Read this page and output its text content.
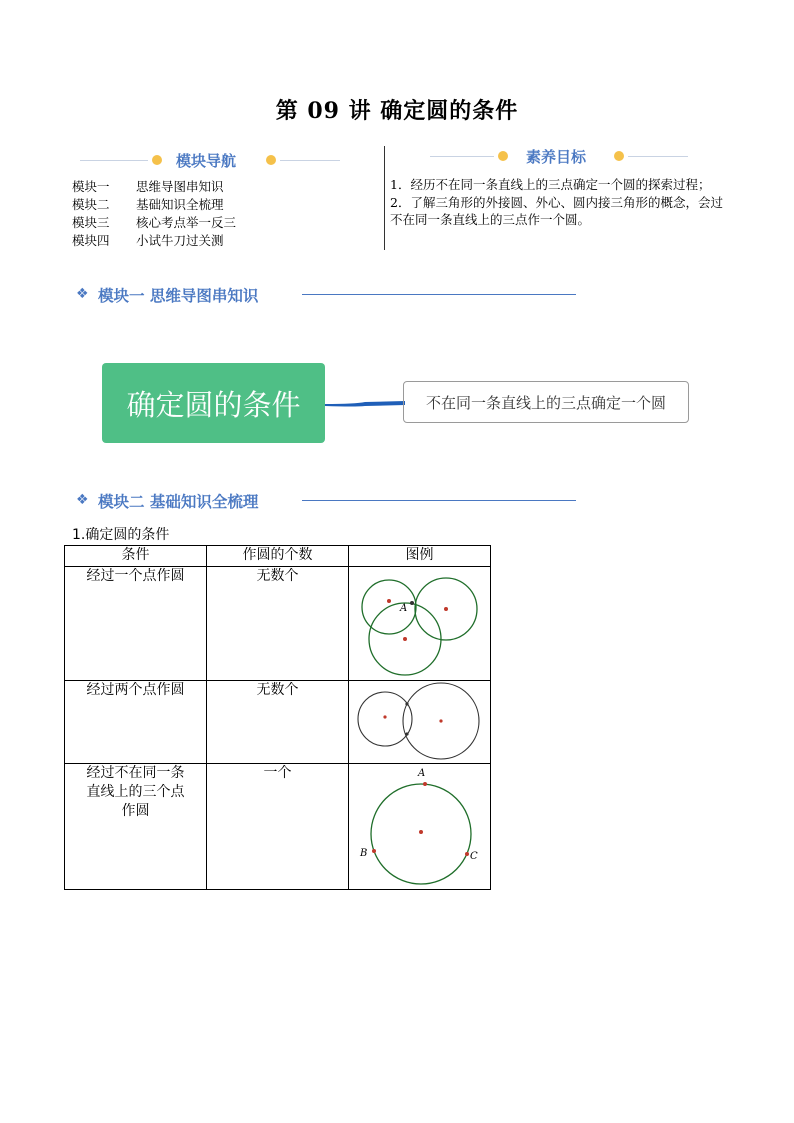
第 09 讲 确定圆的条件
模块导航
模块一	思维导图串知识
模块二	基础知识全梳理
模块三	核心考点举一反三
模块四	小试牛刀过关测
素养目标

1．经历不在同一条直线上的三点确定一个圆的探索过程；

2．了解三角形的外接圆、外心、圆内接三角形的概念，会过不在同一条直线上的三点作一个圆。

❖ 模块一 思维导图串知识
确定圆的条件	不在同一条直线上的三点确定一个圆
❖ 模块二 基础知识全梳理
1.确定圆的条件
条件	作圆的个数	图例
经过一个点作圆	无数个	A

经过两个点作圆	无数个	

经过不在同一条直线上的三个点作圆	一个	A
B C
